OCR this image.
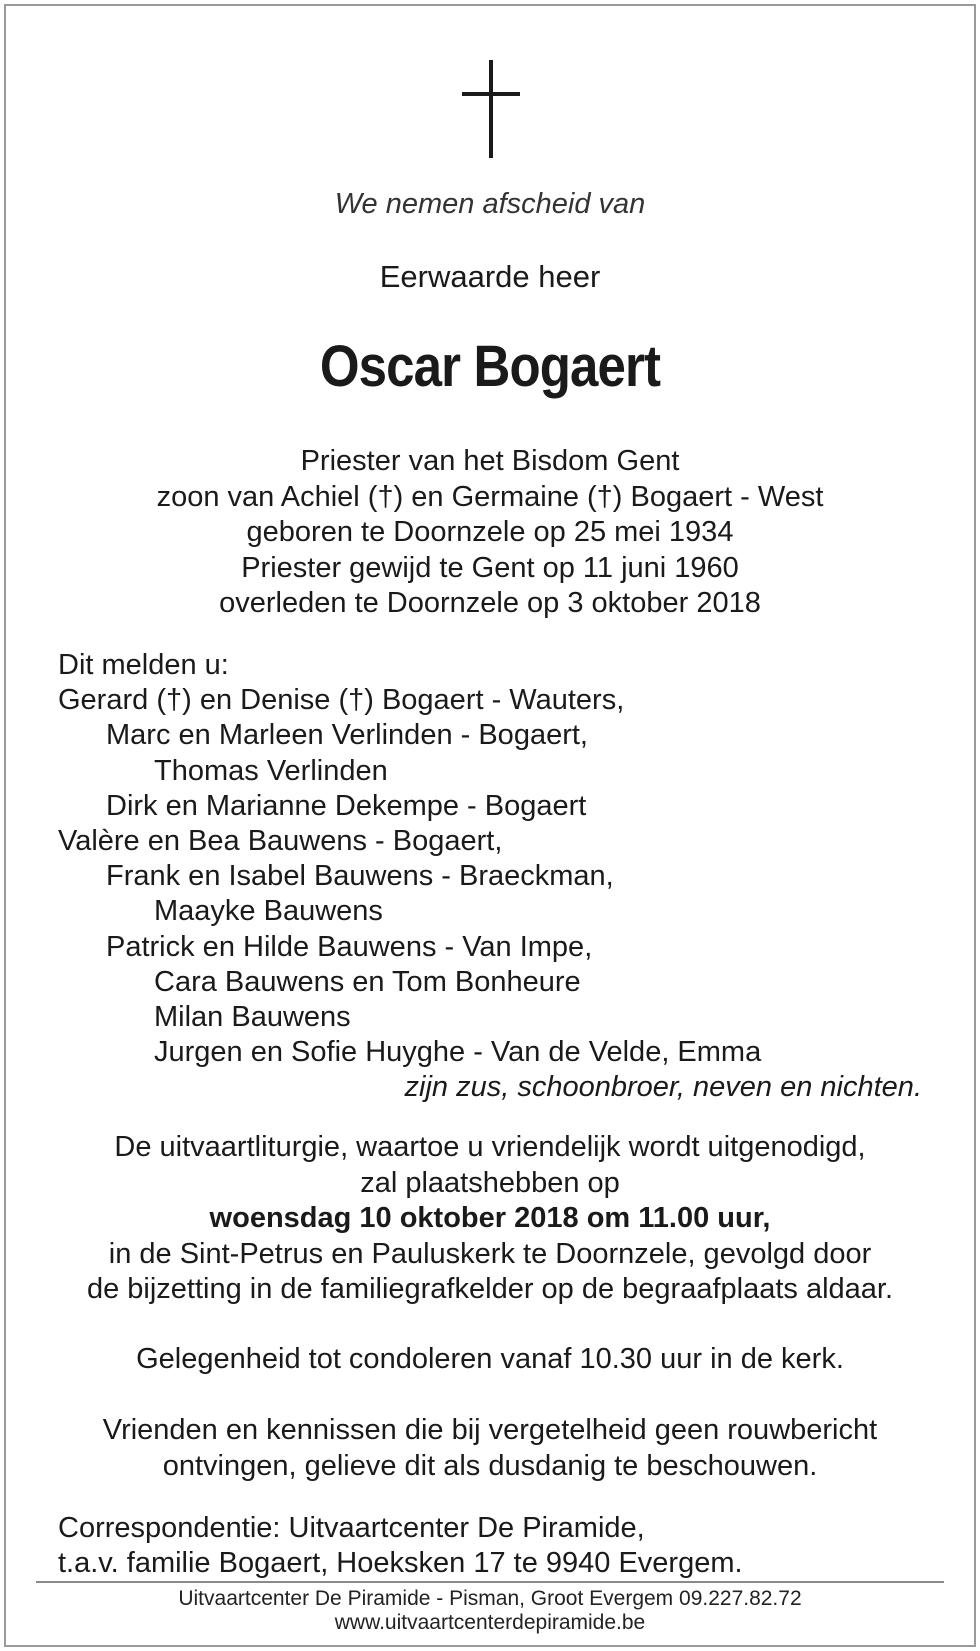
We nemen afscheid van
Eerwaarde heer
Oscar Bogaert
Priester van het Bisdom Gent
zoon van Achiel (†) en Germaine (†) Bogaert - West
geboren te Doornzele op 25 mei 1934
Priester gewijd te Gent op 11 juni 1960
overleden te Doornzele op 3 oktober 2018
Dit melden u:
Gerard (†) en Denise (†) Bogaert - Wauters,
Marc en Marleen Verlinden - Bogaert,
Thomas Verlinden
Dirk en Marianne Dekempe - Bogaert
Valère en Bea Bauwens - Bogaert,
Frank en Isabel Bauwens - Braeckman,
Maayke Bauwens
Patrick en Hilde Bauwens - Van Impe,
Cara Bauwens en Tom Bonheure
Milan Bauwens
Jurgen en Sofie Huyghe - Van de Velde, Emma
zijn zus, schoonbroer, neven en nichten.
De uitvaartliturgie, waartoe u vriendelijk wordt uitgenodigd,
zal plaatshebben op
woensdag 10 oktober 2018 om 11.00 uur,
in de Sint-Petrus en Pauluskerk te Doornzele, gevolgd door
de bijzetting in de familiegrafkelder op de begraafplaats aldaar.
Gelegenheid tot condoleren vanaf 10.30 uur in de kerk.
Vrienden en kennissen die bij vergetelheid geen rouwbericht
ontvingen, gelieve dit als dusdanig te beschouwen.
Correspondentie: Uitvaartcenter De Piramide,
t.a.v. familie Bogaert, Hoeksken 17 te 9940 Evergem.
Uitvaartcenter De Piramide - Pisman, Groot Evergem 09.227.82.72
www.uitvaartcenterdepiramide.be
